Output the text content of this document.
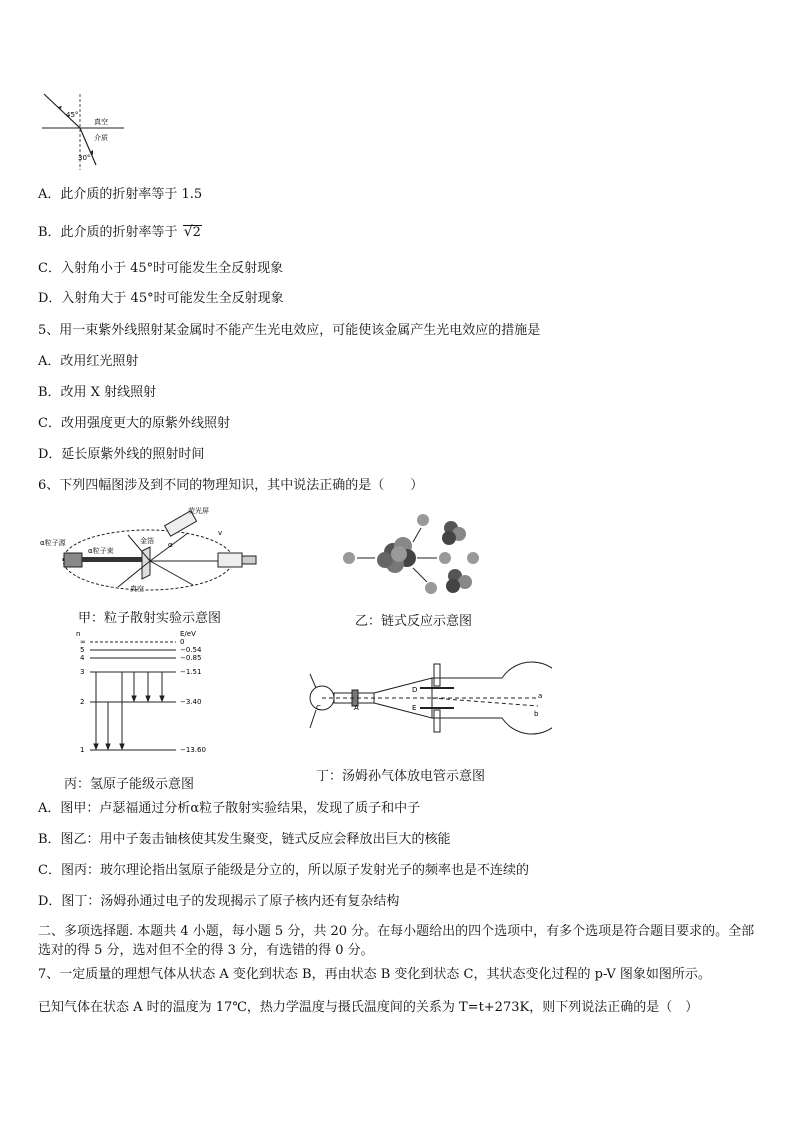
45°
30°
真空
介质
A．此介质的折射率等于 1.5
B．此介质的折射率等于 √2
C．入射角小于 45°时可能发生全反射现象
D．入射角大于 45°时可能发生全反射现象
5、用一束紫外线照射某金属时不能产生光电效应，可能使该金属产生光电效应的措施是
A．改用红光照射
B．改用 X 射线照射
C．改用强度更大的原紫外线照射
D．延长原紫外线的照射时间
6、下列四幅图涉及到不同的物理知识，其中说法正确的是（　　）
α粒子源
α粒子束
荧光屏
金箔
真空
α
v
甲：粒子散射实验示意图	乙：链式反应示意图
n	E/eV
∞	0
5	−0.54
4	−0.85
3	−1.51
2	−3.40
1	−13.60
丙：氢原子能级示意图
C	A
D
E
a
b
丁：汤姆孙气体放电管示意图
A．图甲：卢瑟福通过分析α粒子散射实验结果，发现了质子和中子
B．图乙：用中子轰击铀核使其发生聚变，链式反应会释放出巨大的核能
C．图丙：玻尔理论指出氢原子能级是分立的，所以原子发射光子的频率也是不连续的
D．图丁：汤姆孙通过电子的发现揭示了原子核内还有复杂结构
二、多项选择题. 本题共 4 小题，每小题 5 分，共 20 分。在每小题给出的四个选项中，有多个选项是符合题目要求的。全部选对的得 5 分，选对但不全的得 3 分，有选错的得 0 分。
7、一定质量的理想气体从状态 A 变化到状态 B，再由状态 B 变化到状态 C，其状态变化过程的 p-V 图象如图所示。
已知气体在状态 A 时的温度为 17℃，热力学温度与摄氏温度间的关系为 T=t+273K，则下列说法正确的是（　）
